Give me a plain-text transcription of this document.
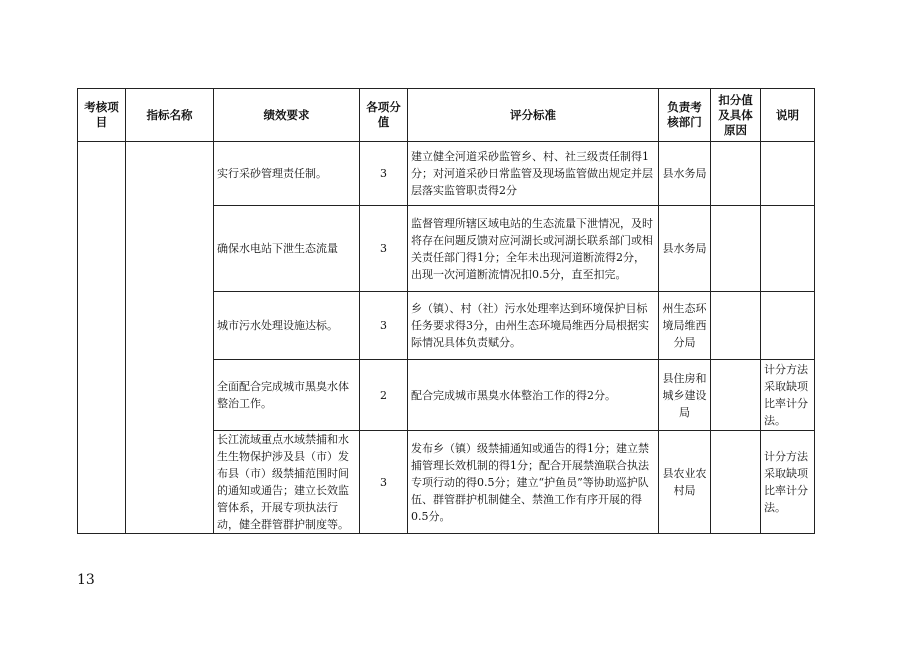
考核项目	指标名称	绩效要求	各项分值	评分标准	负责考核部门	扣分值及具体原因	说明
		实行采砂管理责任制。	3	建立健全河道采砂监管乡、村、社三级责任制得1分；对河道采砂日常监管及现场监管做出规定并层层落实监管职责得2分	县水务局		
		确保水电站下泄生态流量	3	监督管理所辖区域电站的生态流量下泄情况，及时将存在问题反馈对应河湖长或河湖长联系部门或相关责任部门得1分；全年未出现河道断流得2分，出现一次河道断流情况扣0.5分，直至扣完。	县水务局		
		城市污水处理设施达标。	3	乡（镇）、村（社）污水处理率达到环境保护目标任务要求得3分，由州生态环境局维西分局根据实际情况具体负责赋分。	州生态环境局维西分局		
		全面配合完成城市黑臭水体整治工作。	2	配合完成城市黑臭水体整治工作的得2分。	县住房和城乡建设局		计分方法采取缺项比率计分法。
		长江流域重点水域禁捕和水生生物保护涉及县（市）发布县（市）级禁捕范围时间的通知或通告；建立长效监管体系，开展专项执法行动，健全群管群护制度等。	3	发布乡（镇）级禁捕通知或通告的得1分；建立禁捕管理长效机制的得1分；配合开展禁渔联合执法专项行动的得0.5分；建立“护鱼员”等协助巡护队伍、群管群护机制健全、禁渔工作有序开展的得0.5分。	县农业农村局		计分方法采取缺项比率计分法。
13
